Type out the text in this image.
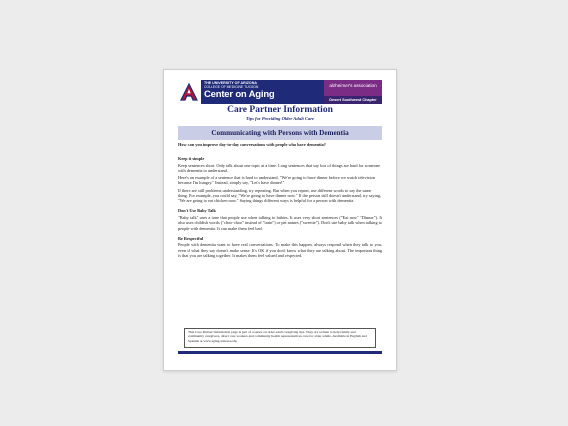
THE UNIVERSITY OF ARIZONA
COLLEGE OF MEDICINE TUCSON
Center on Aging
alzheimer's association
Desert Southwest Chapter
Care Partner Information
Tips for Providing Older Adult Care
Communicating with Persons with Dementia

How can you improve day-to-day conversations with people who have dementia?

Keep it simple

Keep sentences short. Only talk about one topic at a time. Long sentences that say lots of things are hard for someone with dementia to understand.

Here's an example of a sentence that is hard to understand, "We're going to have dinner before we watch television because I'm hungry." Instead, simply say, "Let's have dinner!"

If there are still problems understanding, try repeating. But when you repeat, use different words to say the same thing. For example, you could say, "We're going to have dinner now." If the person still doesn't understand, try saying, "We are going to eat chicken now." Saying things different ways is helpful for a person with dementia.

Don't Use Baby Talk

"Baby talk" uses a tone that people use when talking to babies. It uses very short sentences ("Eat now" "Dinner"). It also uses childish words ("choo-choo" instead of "train") or pet names ("sweetie"). Don't use baby talk when talking to people with dementia. It can make them feel bad.

Be Respectful

People with dementia want to have real conversations. To make this happen, always respond when they talk to you, even if what they say doesn't make sense. It's OK if you don't know what they are talking about. The important thing is that you are talking together. It makes them feel valued and respected.

This Care Partner Information page is part of a series on older adult caregiving tips. They are written to help family and community caregivers, direct care workers and community health representatives care for older adults. Available in English and Spanish at www.aging.arizona.edu.
